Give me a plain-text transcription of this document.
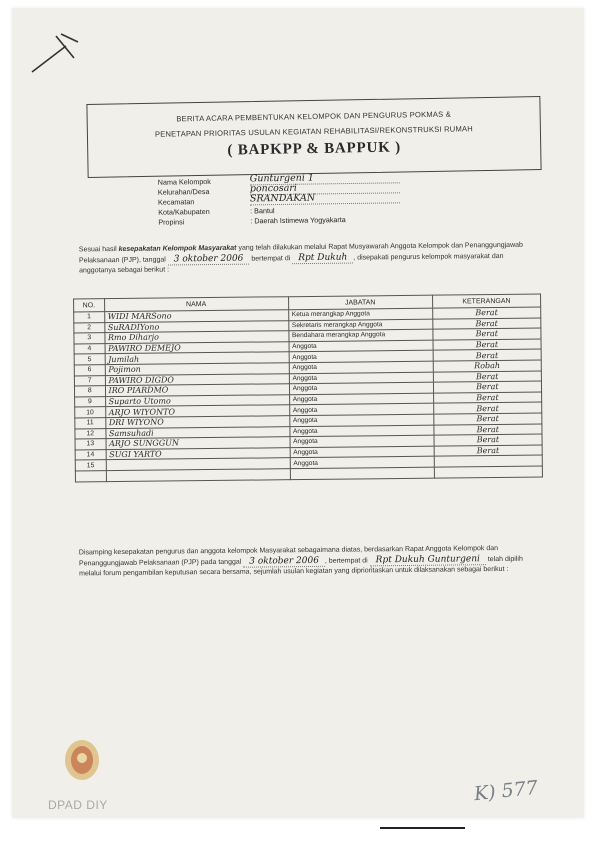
BERITA ACARA PEMBENTUKAN KELOMPOK DAN PENGURUS POKMAS &
PENETAPAN PRIORITAS USULAN KEGIATAN REHABILITASI/REKONSTRUKSI RUMAH
( BAPKPP & BAPPUK )
Nama Kelompok	Gunturgeni 1
Kelurahan/Desa	poncosari
Kecamatan	SRANDAKAN
Kota/Kabupaten	: Bantul
Propinsi	: Daerah Istimewa Yogyakarta
Sesuai hasil kesepakatan Kelompok Masyarakat yang telah dilakukan melalui Rapat Musyawarah Anggota Kelompok dan Penanggungjawab Pelaksanaan (PJP), tanggal 3 oktober 2006 bertempat di Rpt Dukuh , disepakati pengurus kelompok masyarakat dan anggotanya sebagai berikut :
NO.	NAMA	JABATAN	KETERANGAN
1	WIDI MARSono	Ketua merangkap Anggota	Berat
2	SuRADIYono	Sekretaris merangkap Anggota	Berat
3	Rmo Diharjo	Bendahara merangkap Anggota	Berat
4	PAWIRO DEMEJO	Anggota	Berat
5	Jumilah	Anggota	Berat
6	Pojimon	Anggota	Robah
7	PAWIRO DIGDO	Anggota	Berat
8	IRO PIARDMO	Anggota	Berat
9	Suparto Utomo	Anggota	Berat
10	ARJO WIYONTO	Anggota	Berat
11	DRI WIYONO	Anggota	Berat
12	Samsuhadi	Anggota	Berat
13	ARJO SUNGGUN	Anggota	Berat
14	SUGI YARTO	Anggota	Berat
15		Anggota	

Disamping kesepakatan pengurus dan anggota kelompok Masyarakat sebagaimana diatas, berdasarkan Rapat Anggota Kelompok dan Penanggungjawab Pelaksanaan (PJP) pada tanggal 3 oktober 2006 , bertempat di Rpt Dukuh Gunturgeni telah dipilih melalui forum pengambilan keputusan secara bersama, sejumlah usulan kegiatan yang diprioritaskan untuk dilaksanakan sebagai berikut :
DPAD DIY	K) 577
